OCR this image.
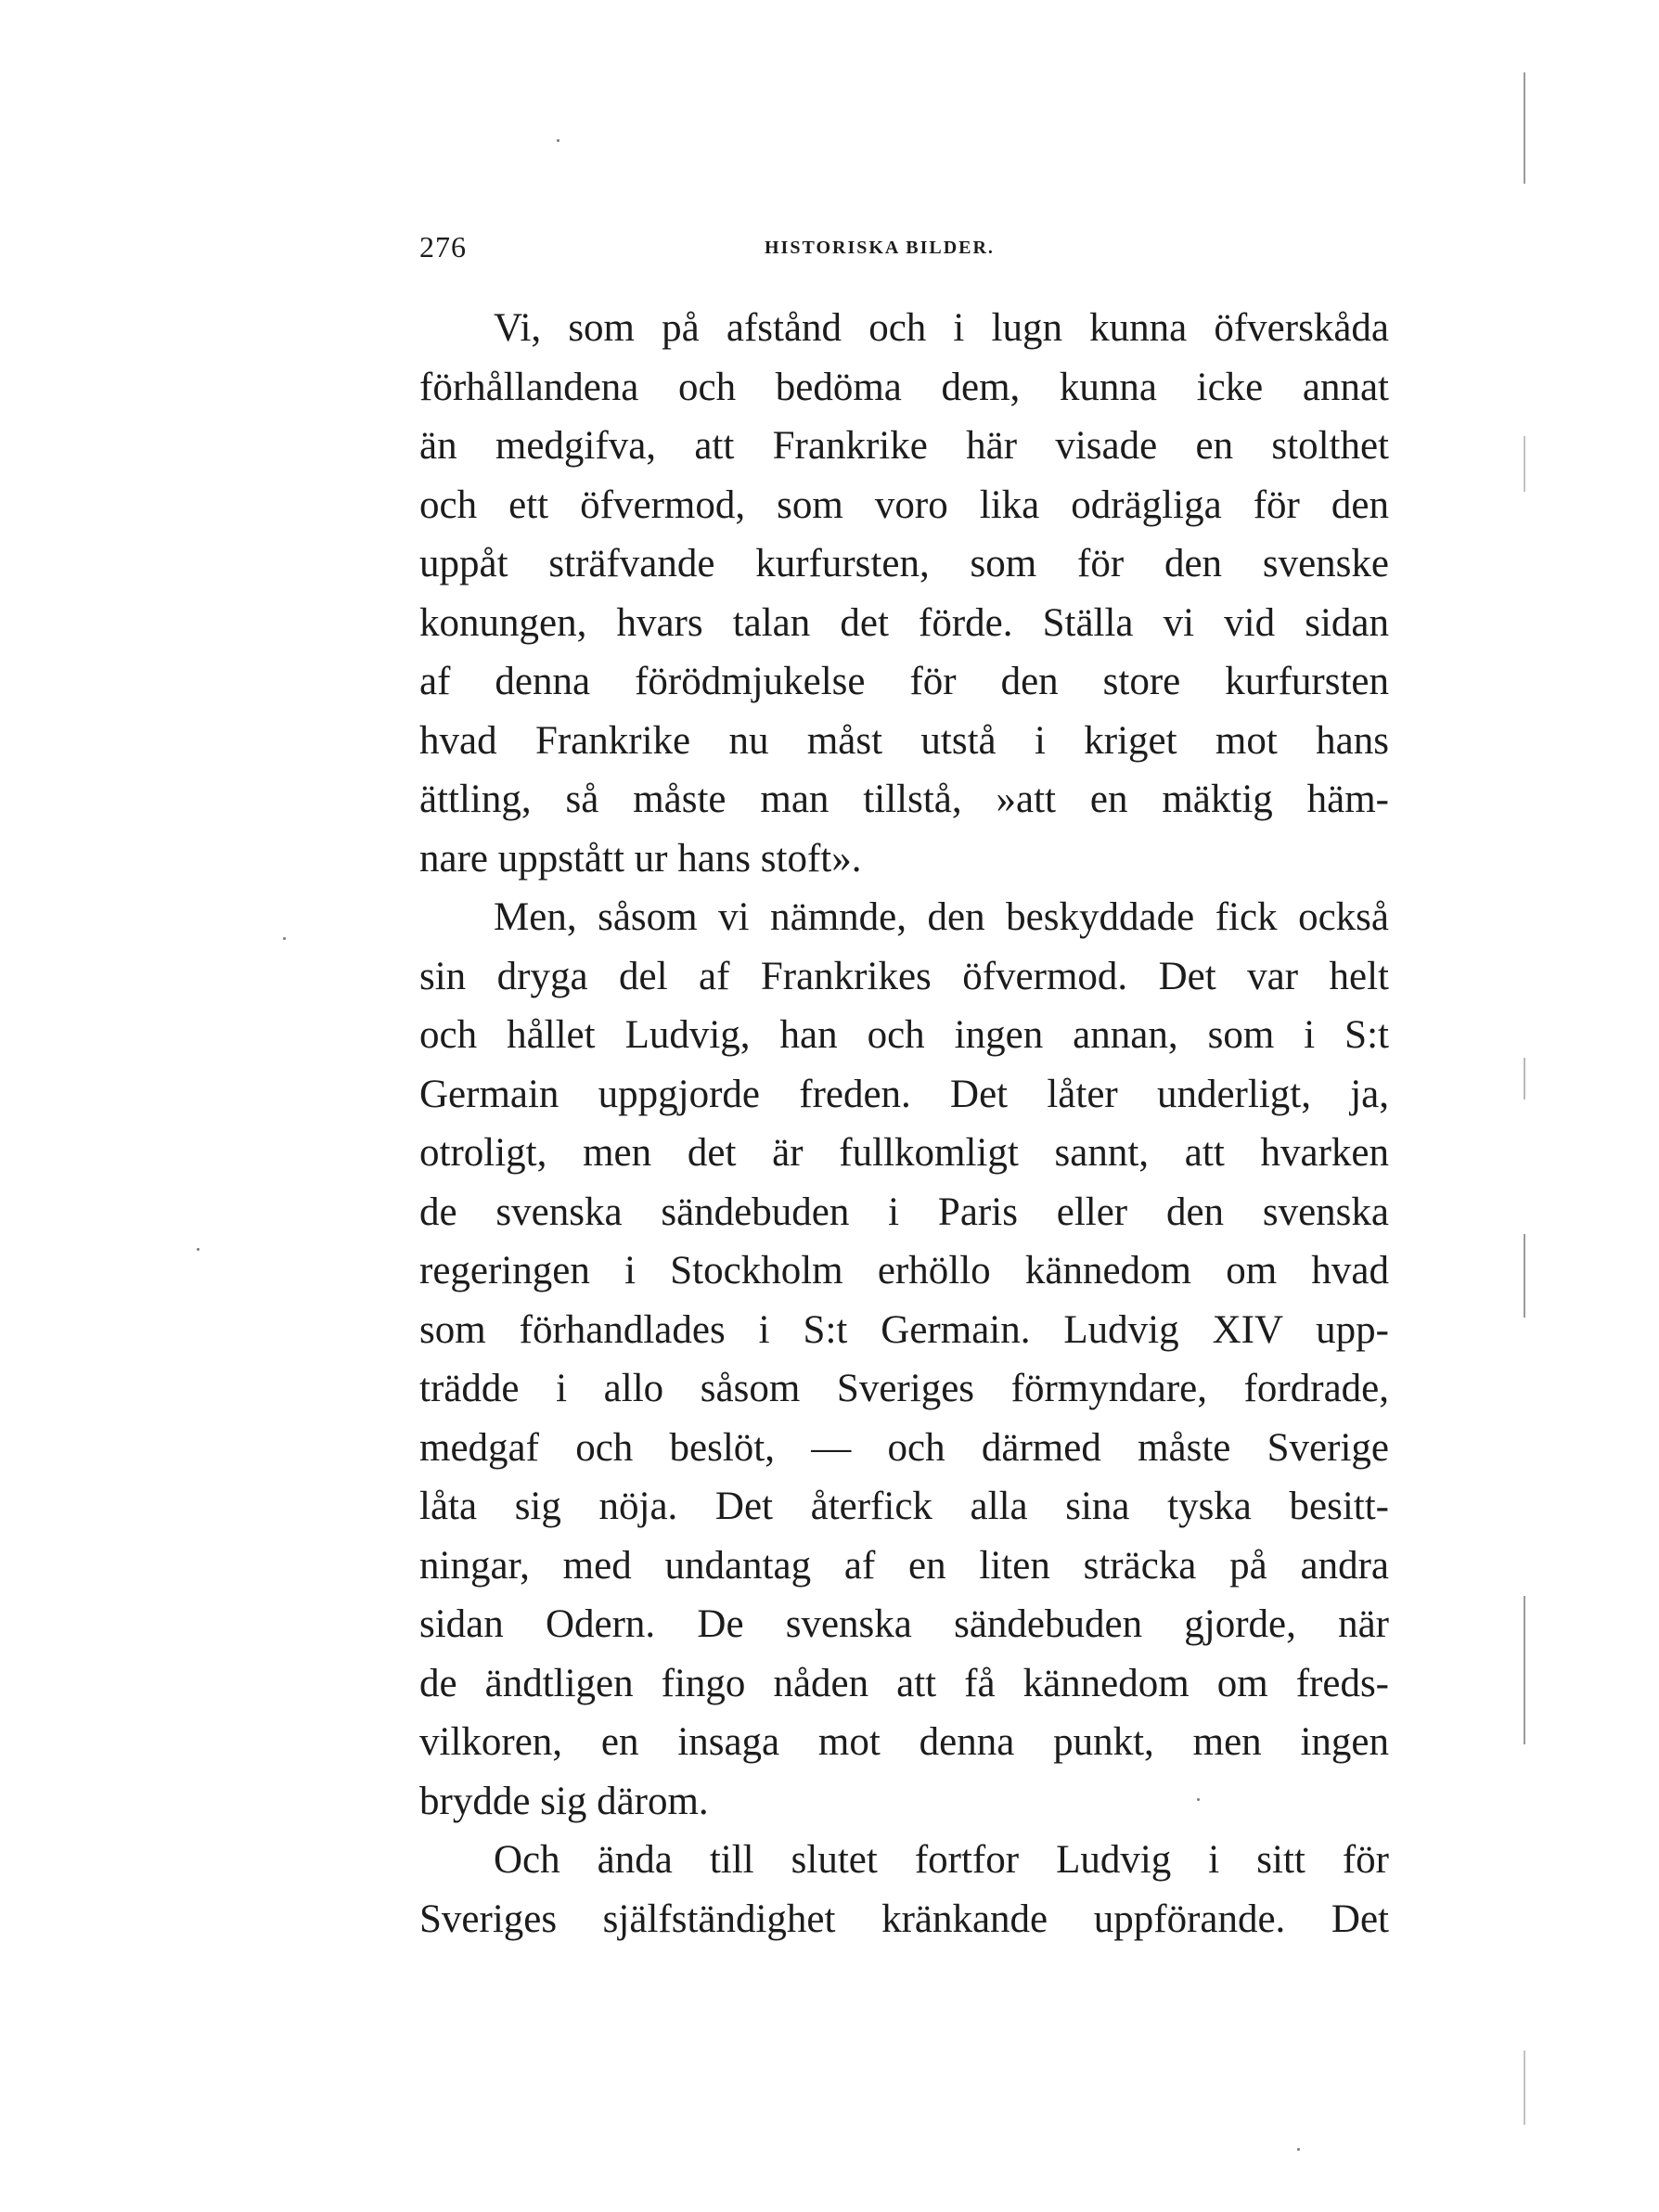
276	HISTORISKA BILDER.
Vi, som på afstånd och i lugn kunna öfverskåda
förhållandena och bedöma dem, kunna icke annat
än medgifva, att Frankrike här visade en stolthet
och ett öfvermod, som voro lika odrägliga för den
uppåt sträfvande kurfursten, som för den svenske
konungen, hvars talan det förde. Ställa vi vid sidan
af denna förödmjukelse för den store kurfursten
hvad Frankrike nu måst utstå i kriget mot hans
ättling, så måste man tillstå, »att en mäktig häm-
nare uppstått ur hans stoft».
Men, såsom vi nämnde, den beskyddade fick också
sin dryga del af Frankrikes öfvermod. Det var helt
och hållet Ludvig, han och ingen annan, som i S:t
Germain uppgjorde freden. Det låter underligt, ja,
otroligt, men det är fullkomligt sannt, att hvarken
de svenska sändebuden i Paris eller den svenska
regeringen i Stockholm erhöllo kännedom om hvad
som förhandlades i S:t Germain. Ludvig XIV upp-
trädde i allo såsom Sveriges förmyndare, fordrade,
medgaf och beslöt, — och därmed måste Sverige
låta sig nöja. Det återfick alla sina tyska besitt-
ningar, med undantag af en liten sträcka på andra
sidan Odern. De svenska sändebuden gjorde, när
de ändtligen fingo nåden att få kännedom om freds-
vilkoren, en insaga mot denna punkt, men ingen
brydde sig därom.
Och ända till slutet fortfor Ludvig i sitt för
Sveriges själfständighet kränkande uppförande. Det
